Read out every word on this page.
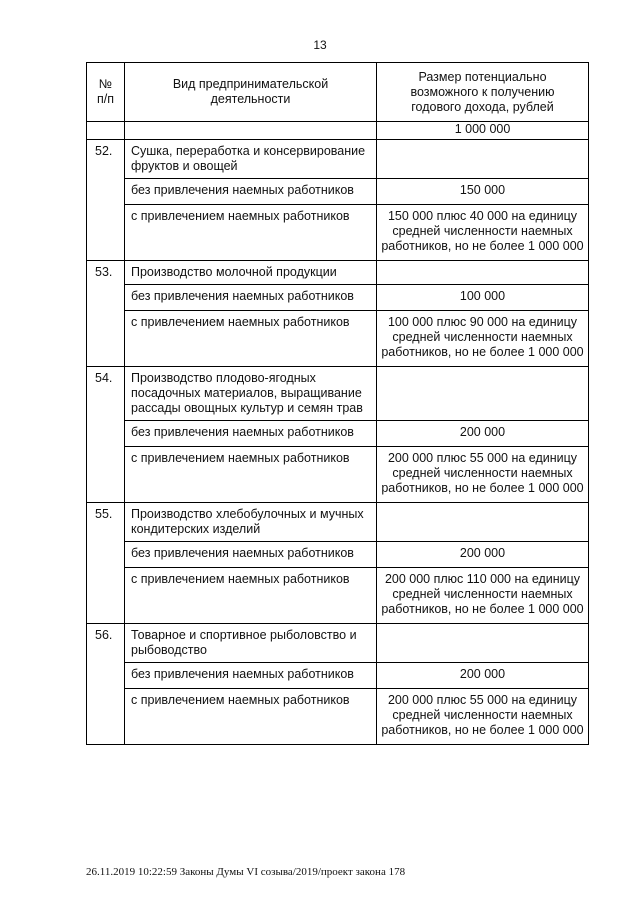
13
№
п/п	Вид предпринимательской деятельности	Размер потенциально возможного к получению годового дохода, рублей

		1 000 000
52.	Сушка, переработка и консервирование фруктов и овощей	
	без привлечения наемных работников	150 000
	с привлечением наемных работников	150 000 плюс 40 000 на единицу средней численности наемных работников, но не более 1 000 000
53.	Производство молочной продукции	
	без привлечения наемных работников	100 000
	с привлечением наемных работников	100 000 плюс 90 000 на единицу средней численности наемных работников, но не более 1 000 000
54.	Производство плодово-ягодных посадочных материалов, выращивание рассады овощных культур и семян трав	
	без привлечения наемных работников	200 000
	с привлечением наемных работников	200 000 плюс 55 000 на единицу средней численности наемных работников, но не более 1 000 000
55.	Производство хлебобулочных и мучных кондитерских изделий	
	без привлечения наемных работников	200 000
	с привлечением наемных работников	200 000 плюс 110 000 на единицу средней численности наемных работников, но не более 1 000 000
56.	Товарное и спортивное рыболовство и рыбоводство	
	без привлечения наемных работников	200 000
	с привлечением наемных работников	200 000 плюс 55 000 на единицу средней численности наемных работников, но не более 1 000 000
26.11.2019 10:22:59 Законы Думы VI созыва/2019/проект закона 178
